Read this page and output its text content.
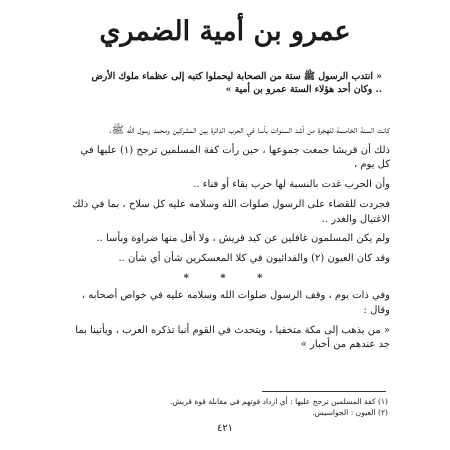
عمرو بن أمية الضمري
« انتدب الرسول ﷺ ستة من الصحابة ليحملوا كتبه إلى عظماء ملوك الأرض .. وكان أحد هؤلاء الستة عمرو بن أمية »

كانت السنة الخامسة للهجرة من أشد السنوات بأسا في الحرب الدائرة بين المشركين ومحمد رسول الله ﷺ.

ذلك أن قريشا جمعت جموعها ، حين رأت كفة المسلمين ترجح (١) عليها في كل يوم ،

وأن الحرب غدت بالنسبة لها حرب بقاء أو فناء ..

فجردت للقضاء على الرسول صلوات الله وسلامه عليه كل سلاح ، بما في ذلك الاغتيال والغدر ..

ولم يكن المسلمون غافلين عن كيد قريش ، ولا أقل منها ضراوة وبأسا ..

وقد كان العيون (٢) والفدائيون في كلا المعسكرين شأن أي شأن ..

* * *

وفي ذات يوم ، وقف الرسول صلوات الله وسلامه عليه في خواص أصحابه ، وقال :

« من يذهب إلى مكة متخفيا ، ويتحدث في القوم أنبا تذكره العرب ، ويأتينا بما جد عندهم من أخبار »

(١) كفة المسلمين ترجح عليها : أي ازداد قوتهم في مقابلة قوة قريش.
(٢) العيون : الجواسيس.
٤٢١
